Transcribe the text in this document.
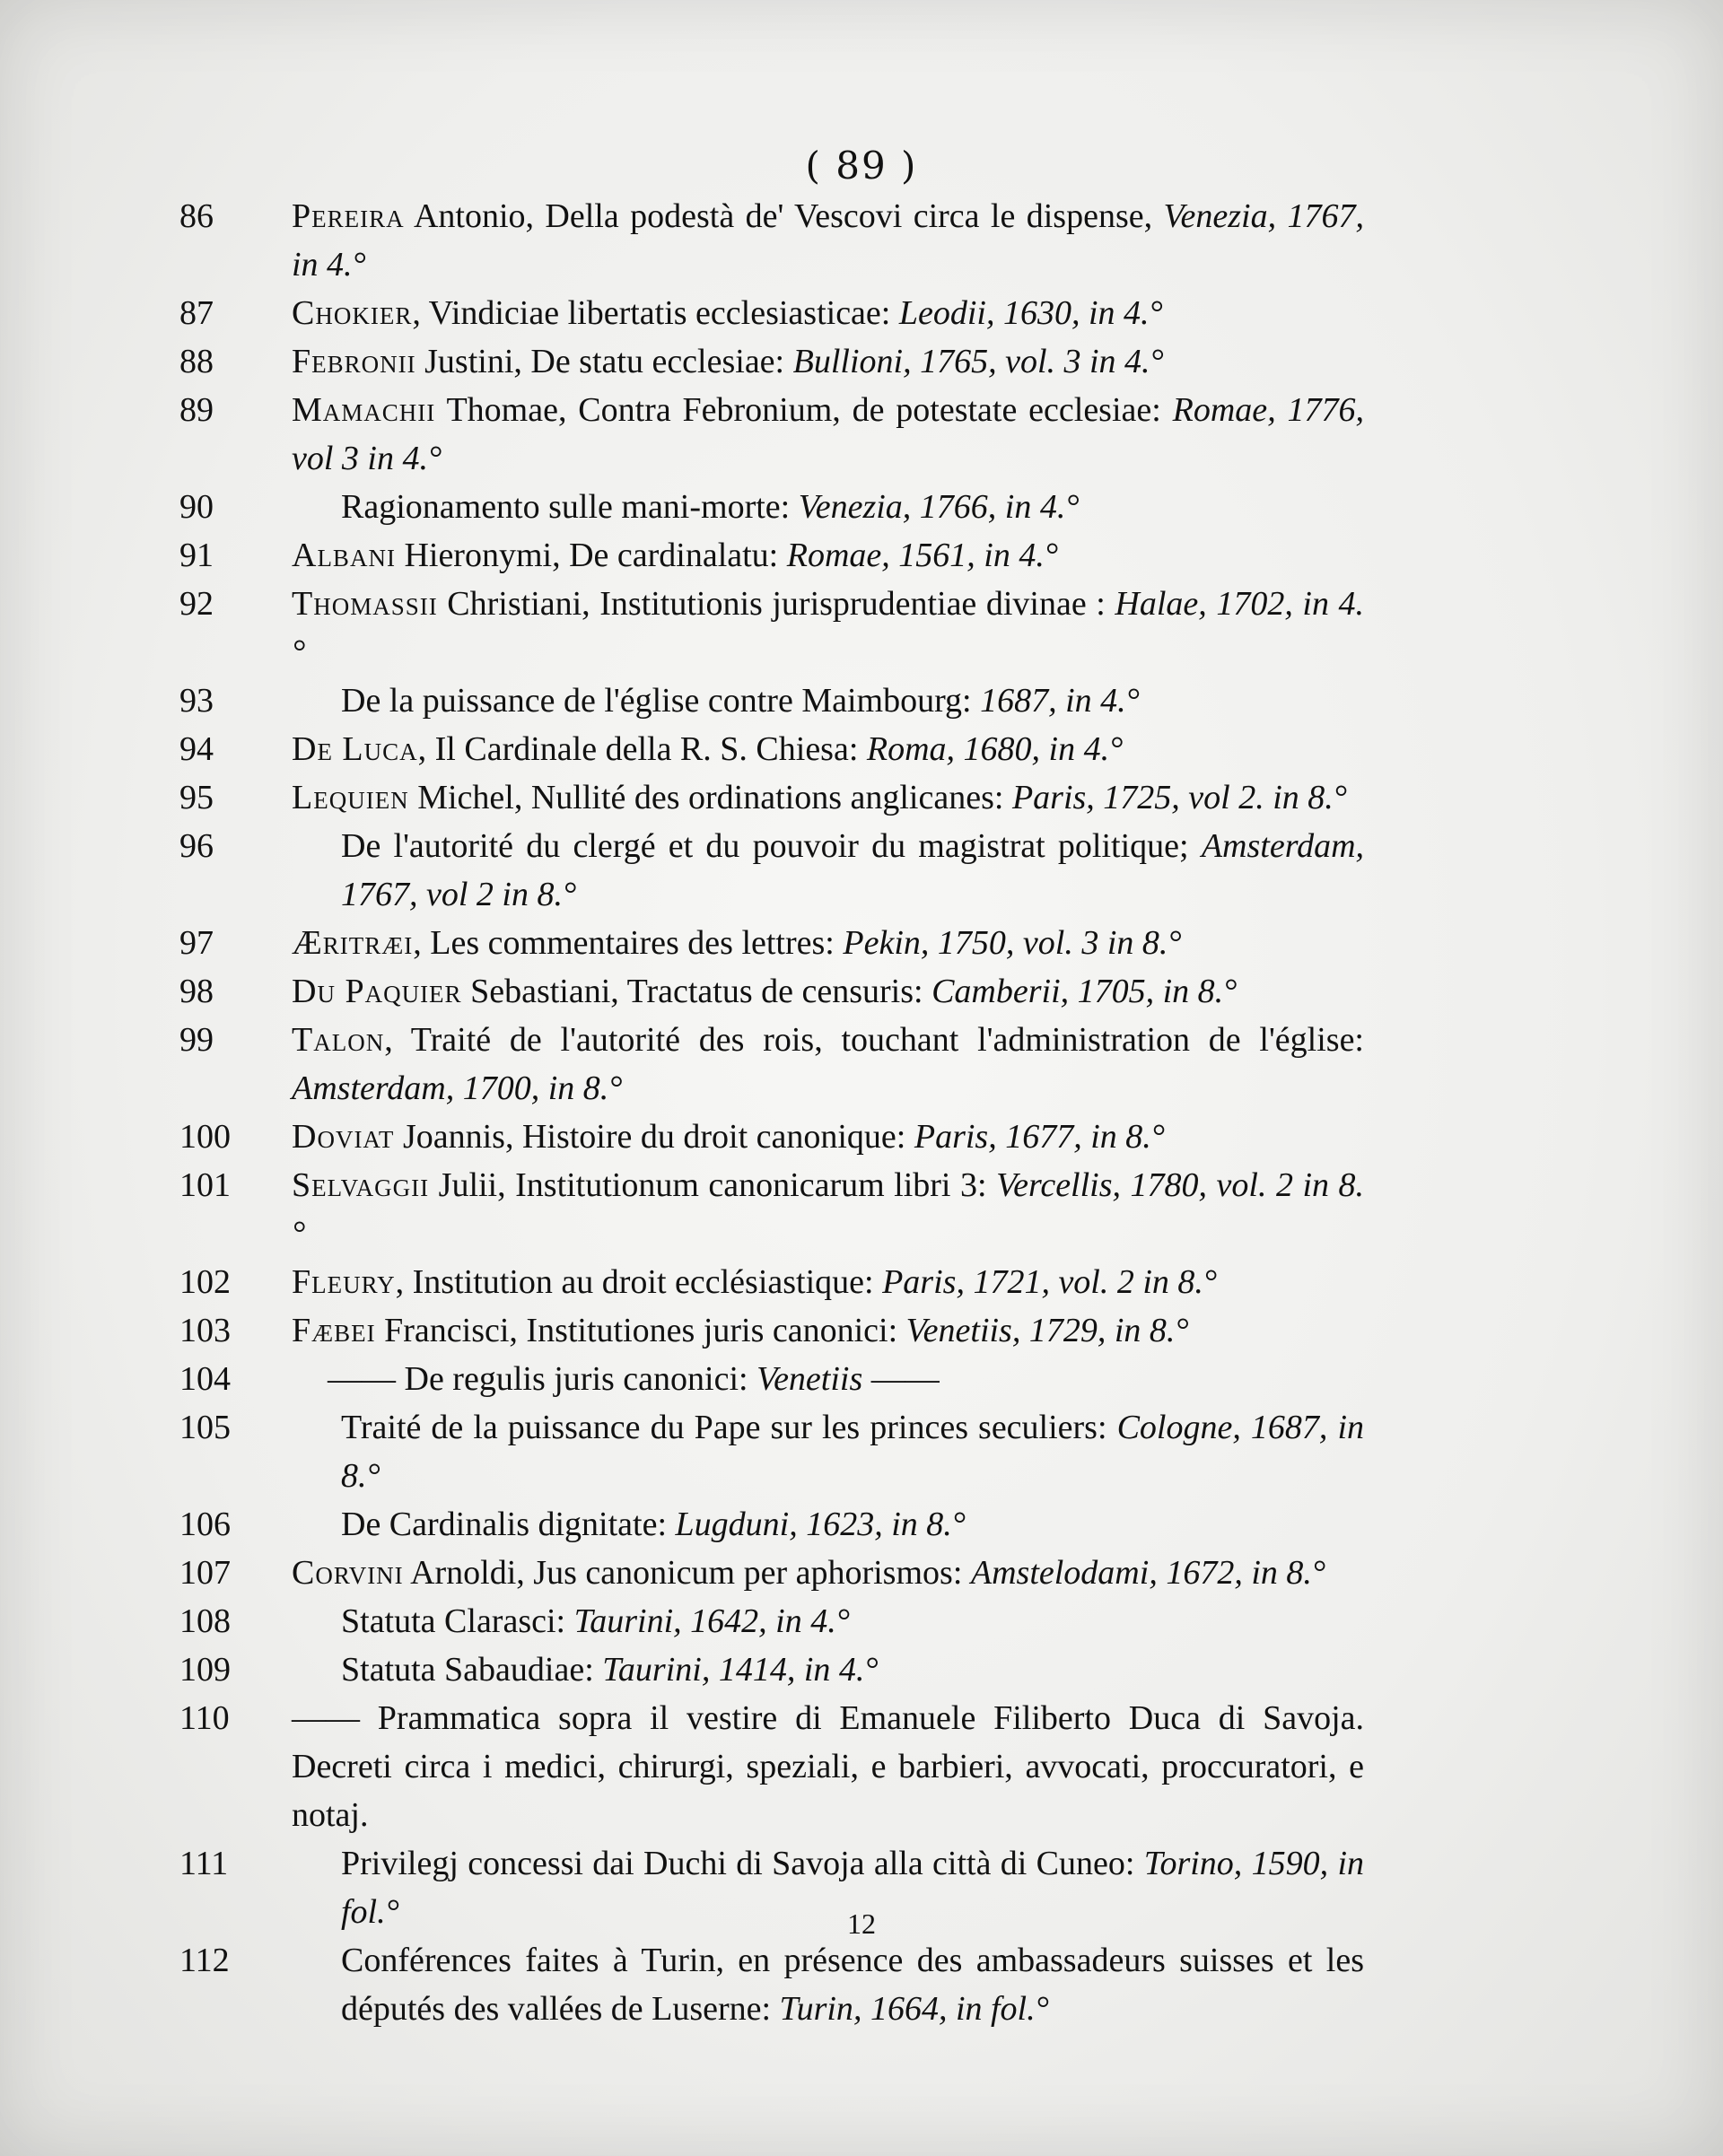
( 89 )
86	Pereira Antonio, Della podestà de' Vescovi circa le dispense, Venezia, 1767, in 4.°
87	Chokier, Vindiciae libertatis ecclesiasticae: Leodii, 1630, in 4.°
88	Febronii Justini, De statu ecclesiae: Bullioni, 1765, vol. 3 in 4.°
89	Mamachii Thomae, Contra Febronium, de potestate ecclesiae: Romae, 1776, vol 3 in 4.°
90	Ragionamento sulle mani-morte: Venezia, 1766, in 4.°
91	Albani Hieronymi, De cardinalatu: Romae, 1561, in 4.°
92	Thomassii Christiani, Institutionis jurisprudentiae divinae : Halae, 1702, in 4.°
93	De la puissance de l'église contre Maimbourg: 1687, in 4.°
94	De Luca, Il Cardinale della R. S. Chiesa: Roma, 1680, in 4.°
95	Lequien Michel, Nullité des ordinations anglicanes: Paris, 1725, vol 2. in 8.°
96	De l'autorité du clergé et du pouvoir du magistrat politique; Amsterdam, 1767, vol 2 in 8.°
97	Æritræi, Les commentaires des lettres: Pekin, 1750, vol. 3 in 8.°
98	Du Paquier Sebastiani, Tractatus de censuris: Camberii, 1705, in 8.°
99	Talon, Traité de l'autorité des rois, touchant l'administration de l'église: Amsterdam, 1700, in 8.°
100	Doviat Joannis, Histoire du droit canonique: Paris, 1677, in 8.°
101	Selvaggii Julii, Institutionum canonicarum libri 3: Vercellis, 1780, vol. 2 in 8.°
102	Fleury, Institution au droit ecclésiastique: Paris, 1721, vol. 2 in 8.°
103	Fæbei Francisci, Institutiones juris canonici: Venetiis, 1729, in 8.°
104	—— De regulis juris canonici: Venetiis ——
105	Traité de la puissance du Pape sur les princes seculiers: Cologne, 1687, in 8.°
106	De Cardinalis dignitate: Lugduni, 1623, in 8.°
107	Corvini Arnoldi, Jus canonicum per aphorismos: Amstelodami, 1672, in 8.°
108	Statuta Clarasci: Taurini, 1642, in 4.°
109	Statuta Sabaudiae: Taurini, 1414, in 4.°
110	—— Prammatica sopra il vestire di Emanuele Filiberto Duca di Savoja. Decreti circa i medici, chirurgi, speziali, e barbieri, avvocati, proccuratori, e notaj.
111	Privilegj concessi dai Duchi di Savoja alla città di Cuneo: Torino, 1590, in fol.°
112	Conférences faites à Turin, en présence des ambassadeurs suisses et les députés des vallées de Luserne: Turin, 1664, in fol.°
12
